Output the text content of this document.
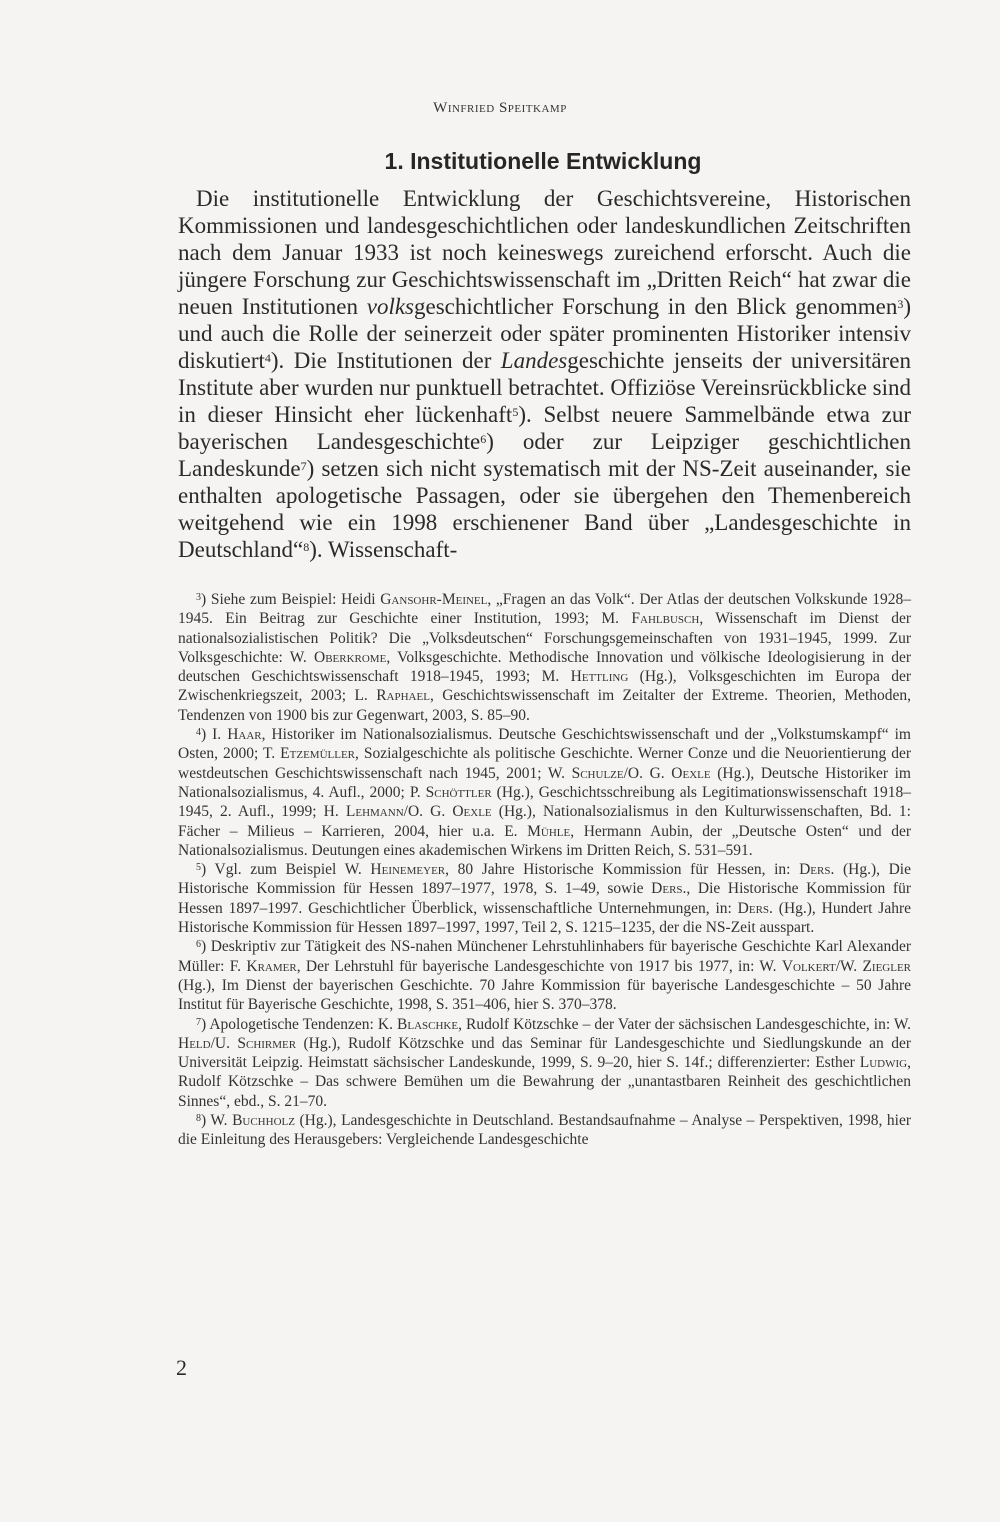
Winfried Speitkamp
1. Institutionelle Entwicklung

Die institutionelle Entwicklung der Geschichtsvereine, Historischen Kommissionen und landesgeschichtlichen oder landeskundlichen Zeitschriften nach dem Januar 1933 ist noch keineswegs zureichend erforscht. Auch die jüngere Forschung zur Geschichtswissenschaft im „Dritten Reich“ hat zwar die neuen Institutionen volksgeschichtlicher Forschung in den Blick genommen$^3$) und auch die Rolle der seinerzeit oder später prominenten Historiker intensiv diskutiert$^4$). Die Institutionen der Landesgeschichte jenseits der universitären Institute aber wurden nur punktuell betrachtet. Offiziöse Vereinsrückblicke sind in dieser Hinsicht eher lückenhaft$^5$). Selbst neuere Sammelbände etwa zur bayerischen Landesgeschichte$^6$) oder zur Leipziger geschichtlichen Landeskunde$^7$) setzen sich nicht systematisch mit der NS-Zeit auseinander, sie enthalten apologetische Passagen, oder sie übergehen den Themenbereich weitgehend wie ein 1998 erschienener Band über „Landesgeschichte in Deutschland“$^8$). Wissenschaft-

$^3$) Siehe zum Beispiel: Heidi Gansohr-Meinel, „Fragen an das Volk“. Der Atlas der deutschen Volkskunde 1928–1945. Ein Beitrag zur Geschichte einer Institution, 1993; M. Fahlbusch, Wissenschaft im Dienst der nationalsozialistischen Politik? Die „Volksdeutschen“ Forschungsgemeinschaften von 1931–1945, 1999. Zur Volksgeschichte: W. Oberkrome, Volksgeschichte. Methodische Innovation und völkische Ideologisierung in der deutschen Geschichtswissenschaft 1918–1945, 1993; M. Hettling (Hg.), Volksgeschichten im Europa der Zwischenkriegszeit, 2003; L. Raphael, Geschichtswissenschaft im Zeitalter der Extreme. Theorien, Methoden, Tendenzen von 1900 bis zur Gegenwart, 2003, S. 85–90.

$^4$) I. Haar, Historiker im Nationalsozialismus. Deutsche Geschichtswissenschaft und der „Volkstumskampf“ im Osten, 2000; T. Etzemüller, Sozialgeschichte als politische Geschichte. Werner Conze und die Neuorientierung der westdeutschen Geschichtswissenschaft nach 1945, 2001; W. Schulze/O. G. Oexle (Hg.), Deutsche Historiker im Nationalsozialismus, 4. Aufl., 2000; P. Schöttler (Hg.), Geschichtsschreibung als Legitimationswissenschaft 1918–1945, 2. Aufl., 1999; H. Lehmann/O. G. Oexle (Hg.), Nationalsozialismus in den Kulturwissenschaften, Bd. 1: Fächer – Milieus – Karrieren, 2004, hier u.a. E. Mühle, Hermann Aubin, der „Deutsche Osten“ und der Nationalsozialismus. Deutungen eines akademischen Wirkens im Dritten Reich, S. 531–591.

$^5$) Vgl. zum Beispiel W. Heinemeyer, 80 Jahre Historische Kommission für Hessen, in: Ders. (Hg.), Die Historische Kommission für Hessen 1897–1977, 1978, S. 1–49, sowie Ders., Die Historische Kommission für Hessen 1897–1997. Geschichtlicher Überblick, wissenschaftliche Unternehmungen, in: Ders. (Hg.), Hundert Jahre Historische Kommission für Hessen 1897–1997, 1997, Teil 2, S. 1215–1235, der die NS-Zeit ausspart.

$^6$) Deskriptiv zur Tätigkeit des NS-nahen Münchener Lehrstuhlinhabers für bayerische Geschichte Karl Alexander Müller: F. Kramer, Der Lehrstuhl für bayerische Landesgeschichte von 1917 bis 1977, in: W. Volkert/W. Ziegler (Hg.), Im Dienst der bayerischen Geschichte. 70 Jahre Kommission für bayerische Landesgeschichte – 50 Jahre Institut für Bayerische Geschichte, 1998, S. 351–406, hier S. 370–378.

$^7$) Apologetische Tendenzen: K. Blaschke, Rudolf Kötzschke – der Vater der sächsischen Landesgeschichte, in: W. Held/U. Schirmer (Hg.), Rudolf Kötzschke und das Seminar für Landesgeschichte und Siedlungskunde an der Universität Leipzig. Heimstatt sächsischer Landeskunde, 1999, S. 9–20, hier S. 14f.; differenzierter: Esther Ludwig, Rudolf Kötzschke – Das schwere Bemühen um die Bewahrung der „unantastbaren Reinheit des geschichtlichen Sinnes“, ebd., S. 21–70.

$^8$) W. Buchholz (Hg.), Landesgeschichte in Deutschland. Bestandsaufnahme – Analyse – Perspektiven, 1998, hier die Einleitung des Herausgebers: Vergleichende Landesgeschichte

2
